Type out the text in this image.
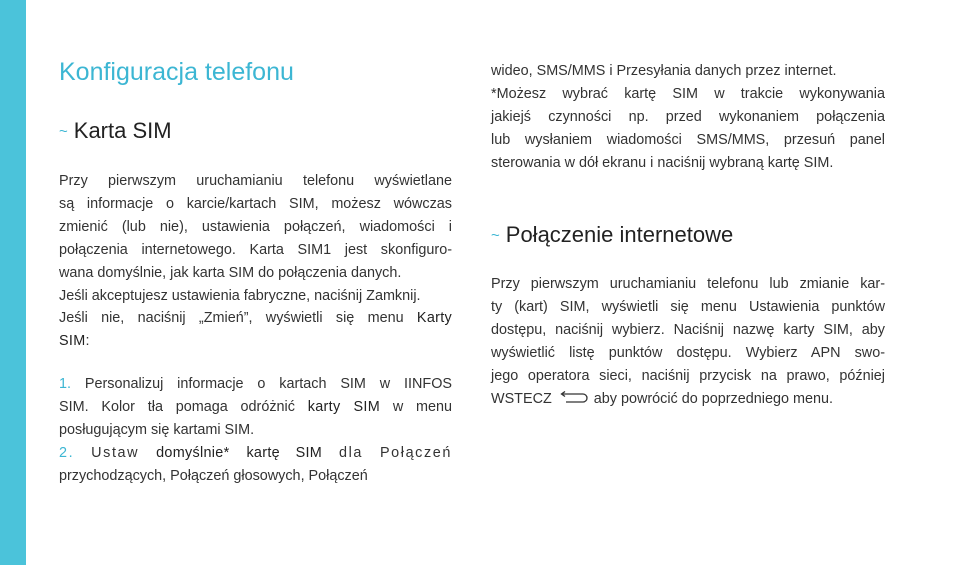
Konfiguracja telefonu
~ Karta SIM
Przy pierwszym uruchamianiu telefonu wyświetlane
są informacje o karcie/kartach SIM, możesz wówczas
zmienić (lub nie), ustawienia połączeń, wiadomości i
połączenia internetowego. Karta SIM1 jest skonfiguro-
wana domyślnie, jak karta SIM do połączenia danych.
Jeśli akceptujesz ustawienia fabryczne, naciśnij Zamknij.
Jeśli nie, naciśnij „Zmień”, wyświetli się menu Karty
SIM:
1. Personalizuj informacje o kartach SIM w IINFOS
SIM. Kolor tła pomaga odróżnić karty SIM w menu
posługującym się kartami SIM.
2. Ustaw domyślnie* kartę SIM dla Połączeń
przychodzących, Połączeń głosowych, Połączeń
wideo, SMS/MMS i Przesyłania danych przez internet.
*Możesz wybrać kartę SIM w trakcie wykonywania
jakiejś czynności np. przed wykonaniem połączenia
lub wysłaniem wiadomości SMS/MMS, przesuń panel
sterowania w dół ekranu i naciśnij wybraną kartę SIM.
~ Połączenie internetowe
Przy pierwszym uruchamianiu telefonu lub zmianie kar-
ty (kart) SIM, wyświetli się menu Ustawienia punktów
dostępu, naciśnij wybierz. Naciśnij nazwę karty SIM, aby
wyświetlić listę punktów dostępu. Wybierz APN swo-
jego operatora sieci, naciśnij przycisk na prawo, później
WSTECZ	aby powrócić do poprzedniego menu.
